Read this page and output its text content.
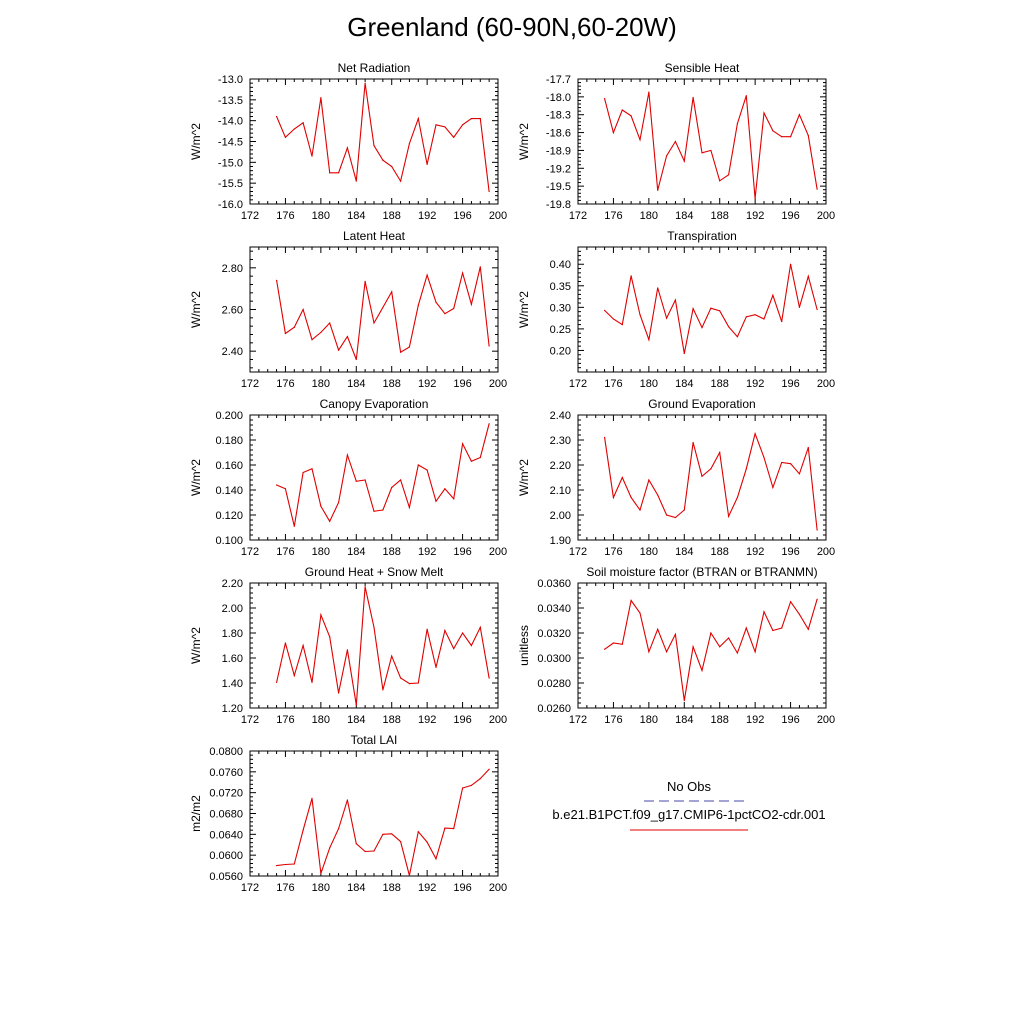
Greenland (60-90N,60-20W)
172 176 180 184 188 192 196 200
-13.0
-13.5
-14.0
-14.5
-15.0
-15.5
-16.0
Net Radiation
W/m^2
172 176 180 184 188 192 196 200
-17.7
-18.0
-18.3
-18.6
-18.9
-19.2
-19.5
-19.8
Sensible Heat
W/m^2
172 176 180 184 188 192 196 200
2.40
2.60
2.80
Latent Heat
W/m^2
172 176 180 184 188 192 196 200
0.20
0.25
0.30
0.35
0.40
Transpiration
W/m^2
172 176 180 184 188 192 196 200
0.100
0.120
0.140
0.160
0.180
0.200
Canopy Evaporation
W/m^2
172 176 180 184 188 192 196 200
1.90
2.00
2.10
2.20
2.30
2.40
Ground Evaporation
W/m^2
172 176 180 184 188 192 196 200
1.20
1.40
1.60
1.80
2.00
2.20
Ground Heat + Snow Melt
W/m^2
172 176 180 184 188 192 196 200
0.0260
0.0280
0.0300
0.0320
0.0340
0.0360
Soil moisture factor (BTRAN or BTRANMN)
unitless
172 176 180 184 188 192 196 200
0.0560
0.0600
0.0640
0.0680
0.0720
0.0760
0.0800
Total LAI
m2/m2
No Obs
b.e21.B1PCT.f09_g17.CMIP6-1pctCO2-cdr.001
